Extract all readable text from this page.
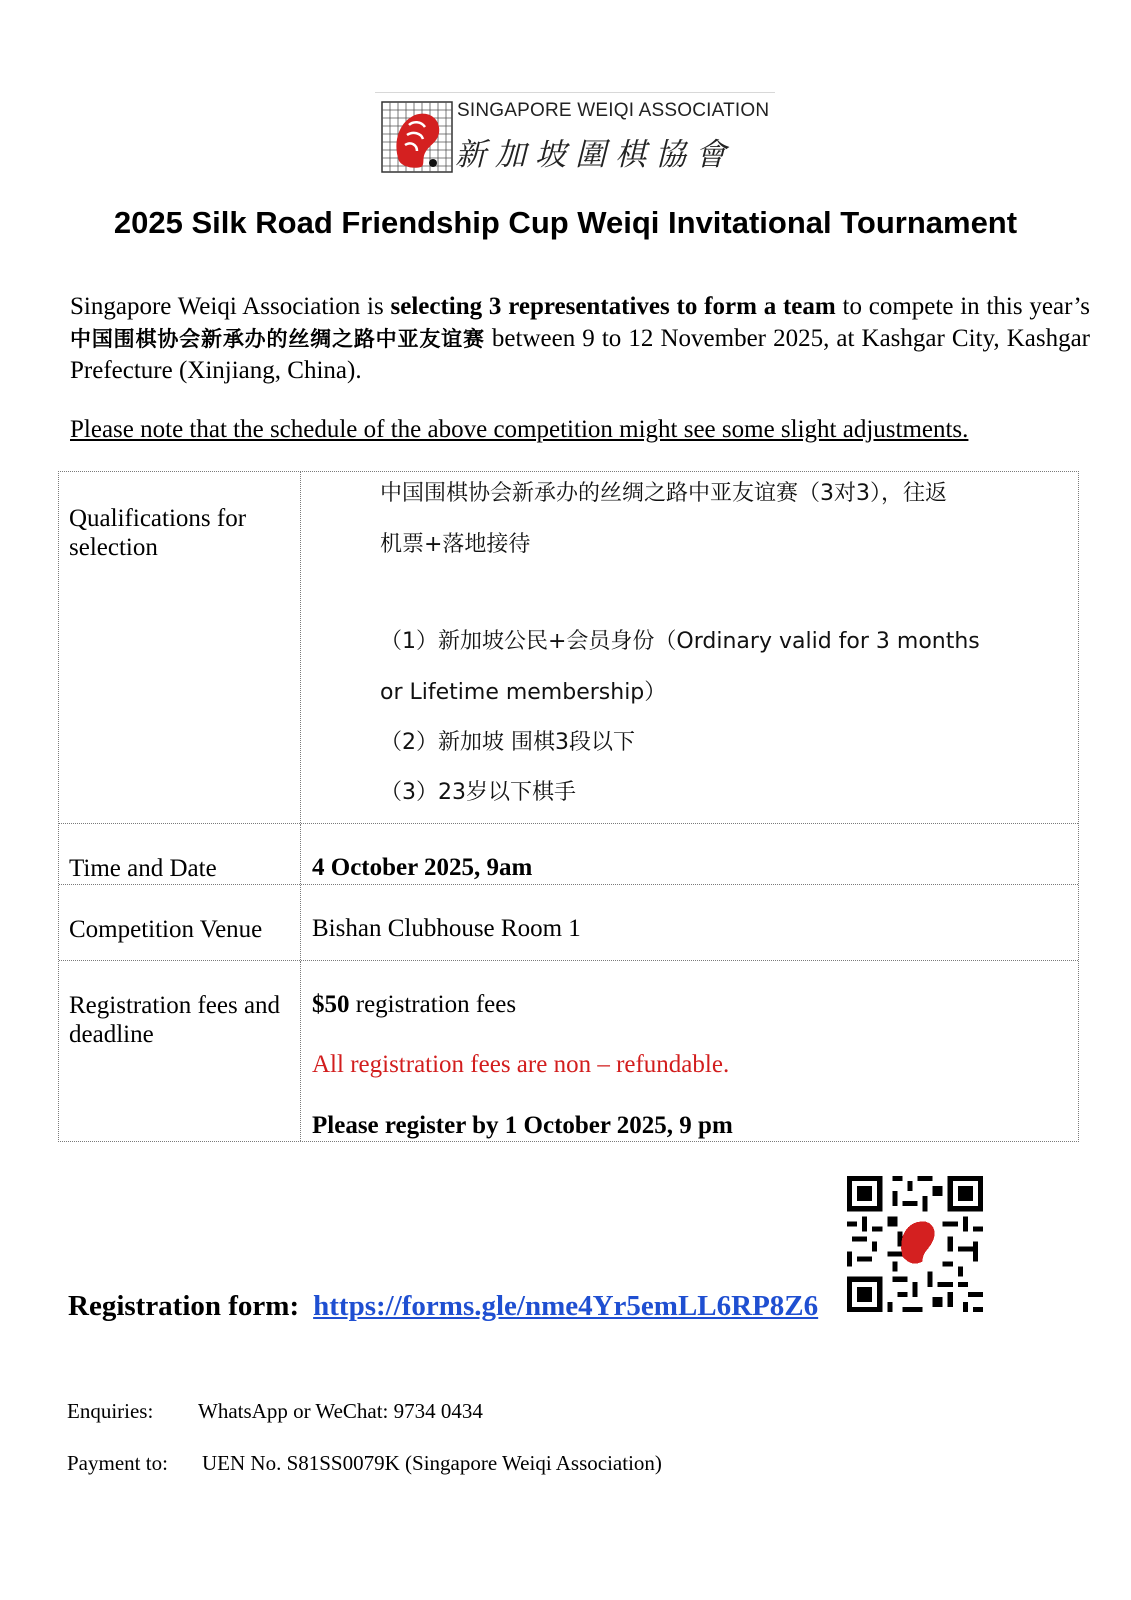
SINGAPORE WEIQI ASSOCIATION
新加坡圍棋協會
2025 Silk Road Friendship Cup Weiqi Invitational Tournament
Singapore Weiqi Association is selecting 3 representatives to form a team to compete in this year’s 中国围棋协会新承办的丝绸之路中亚友谊赛 between 9 to 12 November 2025, at Kashgar City, Kashgar Prefecture (Xinjiang, China).
Please note that the schedule of the above competition might see some slight adjustments.
Qualifications for
selection
中国围棋协会新承办的丝绸之路中亚友谊赛（3对3），往返
机票+落地接待
（1）新加坡公民+会员身份（Ordinary valid for 3 months
or Lifetime membership）
（2）新加坡 围棋3段以下
（3）23岁以下棋手
Time and Date	4 October 2025, 9am
Competition Venue Bishan Clubhouse Room 1
Registration fees and
deadline
$50 registration fees
All registration fees are non – refundable.
Please register by 1 October 2025, 9 pm
Registration form: https://forms.gle/nme4Yr5emLL6RP8Z6
Enquiries: WhatsApp or WeChat: 9734 0434
Payment to: UEN No. S81SS0079K (Singapore Weiqi Association)
